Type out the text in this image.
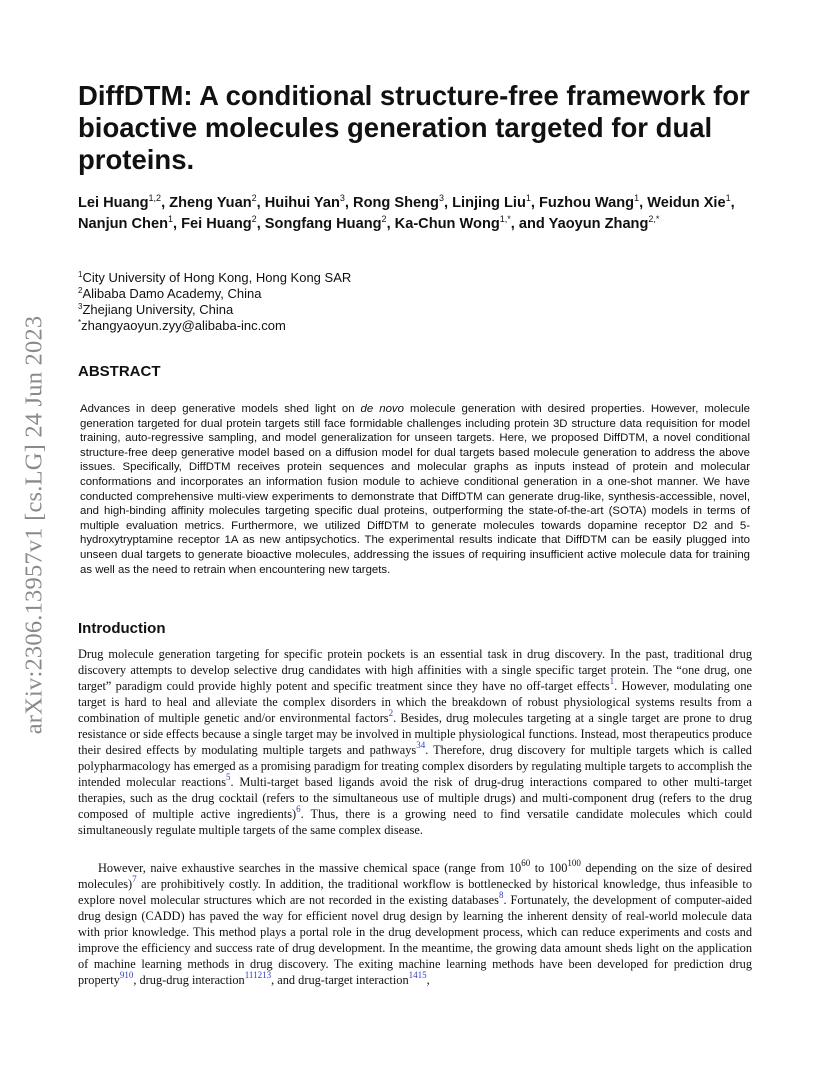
arXiv:2306.13957v1 [cs.LG] 24 Jun 2023
DiffDTM: A conditional structure-free framework for bioactive molecules generation targeted for dual proteins.

Lei Huang$^{1,2}$, Zheng Yuan$^2$, Huihui Yan$^3$, Rong Sheng$^3$, Linjing Liu$^1$, Fuzhou Wang$^1$, Weidun Xie$^1$, Nanjun Chen$^1$, Fei Huang$^2$, Songfang Huang$^2$, Ka-Chun Wong$^{1,*}$, and Yaoyun Zhang$^{2,*}$

$^1$City University of Hong Kong, Hong Kong SAR
$^2$Alibaba Damo Academy, China
$^3$Zhejiang University, China
*zhangyaoyun.zyy@alibaba-inc.com
ABSTRACT

Advances in deep generative models shed light on de novo molecule generation with desired properties. However, molecule generation targeted for dual protein targets still face formidable challenges including protein 3D structure data requisition for model training, auto-regressive sampling, and model generalization for unseen targets. Here, we proposed DiffDTM, a novel conditional structure-free deep generative model based on a diffusion model for dual targets based molecule generation to address the above issues. Specifically, DiffDTM receives protein sequences and molecular graphs as inputs instead of protein and molecular conformations and incorporates an information fusion module to achieve conditional generation in a one-shot manner. We have conducted comprehensive multi-view experiments to demonstrate that DiffDTM can generate drug-like, synthesis-accessible, novel, and high-binding affinity molecules targeting specific dual proteins, outperforming the state-of-the-art (SOTA) models in terms of multiple evaluation metrics. Furthermore, we utilized DiffDTM to generate molecules towards dopamine receptor D2 and 5-hydroxytryptamine receptor 1A as new antipsychotics. The experimental results indicate that DiffDTM can be easily plugged into unseen dual targets to generate bioactive molecules, addressing the issues of requiring insufficient active molecule data for training as well as the need to retrain when encountering new targets.

Introduction

Drug molecule generation targeting for specific protein pockets is an essential task in drug discovery. In the past, traditional drug discovery attempts to develop selective drug candidates with high affinities with a single specific target protein. The “one drug, one target” paradigm could provide highly potent and specific treatment since they have no off-target effects$^1$. However, modulating one target is hard to heal and alleviate the complex disorders in which the breakdown of robust physiological systems results from a combination of multiple genetic and/or environmental factors$^2$. Besides, drug molecules targeting at a single target are prone to drug resistance or side effects because a single target may be involved in multiple physiological functions. Instead, most therapeutics produce their desired effects by modulating multiple targets and pathways$^{34}$. Therefore, drug discovery for multiple targets which is called polypharmacology has emerged as a promising paradigm for treating complex disorders by regulating multiple targets to accomplish the intended molecular reactions$^5$. Multi-target based ligands avoid the risk of drug-drug interactions compared to other multi-target therapies, such as the drug cocktail (refers to the simultaneous use of multiple drugs) and multi-component drug (refers to the drug composed of multiple active ingredients)$^6$. Thus, there is a growing need to find versatile candidate molecules which could simultaneously regulate multiple targets of the same complex disease.

However, naive exhaustive searches in the massive chemical space (range from $10^{60}$ to $100^{100}$ depending on the size of desired molecules)$^7$ are prohibitively costly. In addition, the traditional workflow is bottlenecked by historical knowledge, thus infeasible to explore novel molecular structures which are not recorded in the existing databases$^8$. Fortunately, the development of computer-aided drug design (CADD) has paved the way for efficient novel drug design by learning the inherent density of real-world molecule data with prior knowledge. This method plays a portal role in the drug development process, which can reduce experiments and costs and improve the efficiency and success rate of drug development. In the meantime, the growing data amount sheds light on the application of machine learning methods in drug discovery. The exiting machine learning methods have been developed for prediction drug property$^{910}$, drug-drug interaction$^{111213}$, and drug-target interaction$^{1415}$,
